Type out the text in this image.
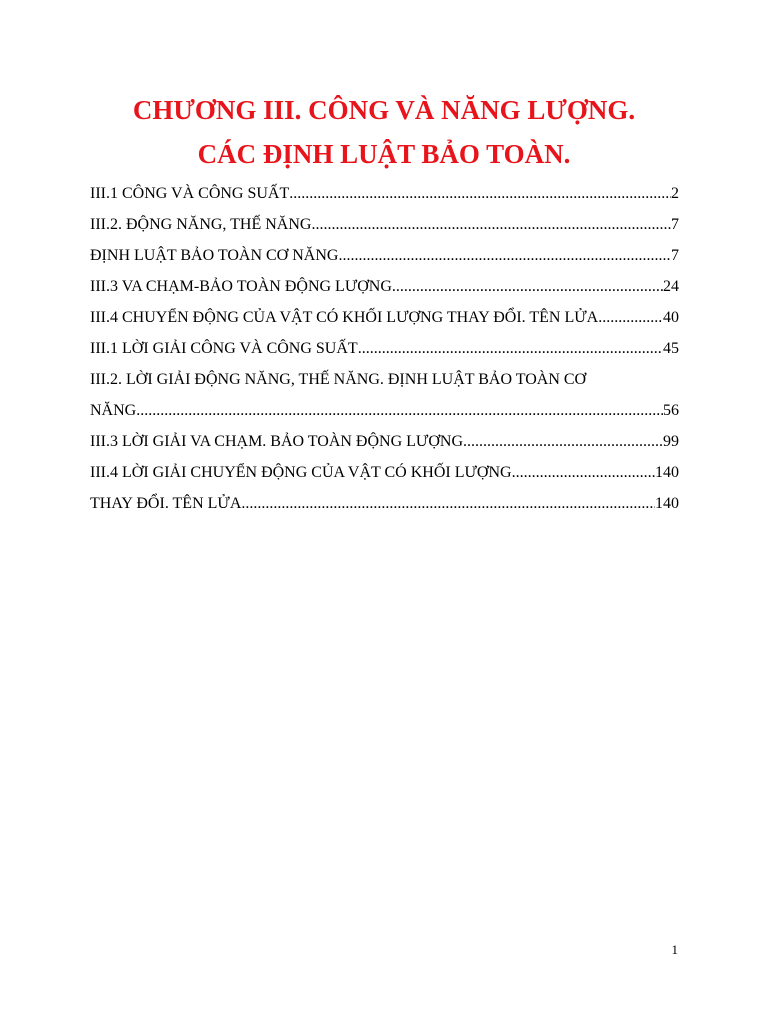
CHƯƠNG III. CÔNG VÀ NĂNG LƯỢNG.
CÁC ĐỊNH LUẬT BẢO TOÀN.
III.1 CÔNG VÀ CÔNG SUẤT .....	2
III.2. ĐỘNG NĂNG, THẾ NĂNG .....	7
ĐỊNH LUẬT BẢO TOÀN CƠ NĂNG .....	7
III.3 VA CHẠM-BẢO TOÀN ĐỘNG LƯỢNG .....	24
III.4 CHUYỂN ĐỘNG CỦA VẬT CÓ KHỐI LƯỢNG THAY ĐỔI. TÊN LỬA .....	40
III.1 LỜI GIẢI CÔNG VÀ CÔNG SUẤT .....	45
III.2. LỜI GIẢI ĐỘNG NĂNG, THẾ NĂNG. ĐỊNH LUẬT BẢO TOÀN CƠ
NĂNG .....	56
III.3 LỜI GIẢI VA CHẠM. BẢO TOÀN ĐỘNG LƯỢNG .....	99
III.4 LỜI GIẢI CHUYỂN ĐỘNG CỦA VẬT CÓ KHỐI LƯỢNG .....	140
THAY ĐỔI. TÊN LỬA .....	140
1
